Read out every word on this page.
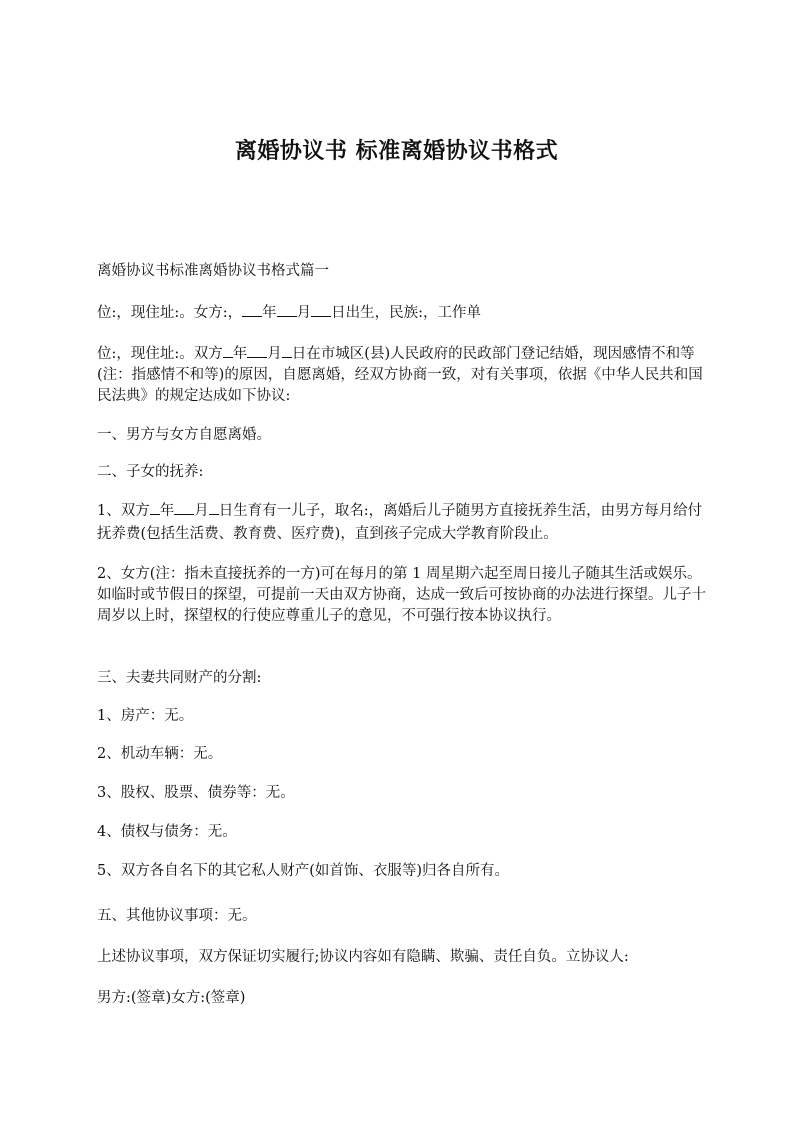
离婚协议书 标准离婚协议书格式

离婚协议书标准离婚协议书格式篇一

位:，现住址:。女方:， 年 月 日出生，民族:，工作单

位:，现住址:。双方 年 月 日在市城区(县)人民政府的民政部门登记结婚，现因感情不和等(注：指感情不和等)的原因，自愿离婚，经双方协商一致，对有关事项，依据《中华人民共和国民法典》的规定达成如下协议:

一、男方与女方自愿离婚。

二、子女的抚养:

1、双方 年 月 日生育有一儿子，取名:，离婚后儿子随男方直接抚养生活，由男方每月给付抚养费(包括生活费、教育费、医疗费)，直到孩子完成大学教育阶段止。

2、女方(注：指未直接抚养的一方)可在每月的第 1 周星期六起至周日接儿子随其生活或娱乐。如临时或节假日的探望，可提前一天由双方协商，达成一致后可按协商的办法进行探望。儿子十周岁以上时，探望权的行使应尊重儿子的意见，不可强行按本协议执行。

三、夫妻共同财产的分割:

1、房产：无。

2、机动车辆：无。

3、股权、股票、债券等：无。

4、债权与债务：无。

5、双方各自名下的其它私人财产(如首饰、衣服等)归各自所有。

五、其他协议事项：无。

上述协议事项，双方保证切实履行;协议内容如有隐瞒、欺骗、责任自负。立协议人:

男方:(签章)女方:(签章)
